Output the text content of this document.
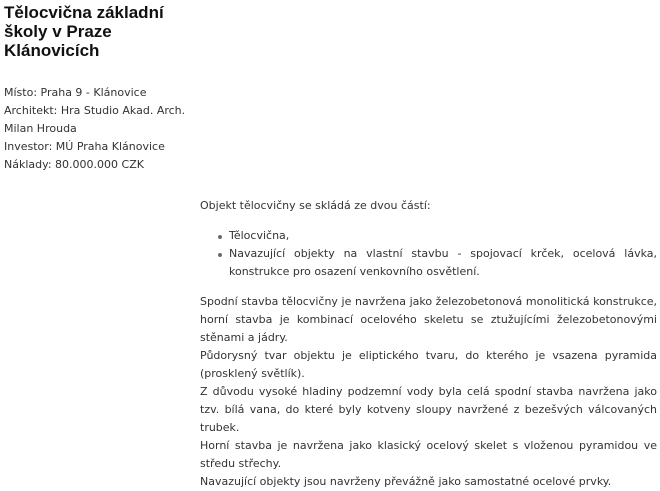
Tělocvična základní školy v Praze Klánovicích
Místo: Praha 9 - Klánovice
Architekt: Hra Studio Akad. Arch. Milan Hrouda
Investor: MÚ Praha Klánovice
Náklady: 80.000.000 CZK

Objekt tělocvičny se skládá ze dvou částí:

Tělocvična,
Navazující objekty na vlastní stavbu - spojovací krček, ocelová lávka, konstrukce pro osazení venkovního osvětlení.
Spodní stavba tělocvičny je navržena jako železobetonová monolitická konstrukce, horní stavba je kombinací ocelového skeletu se ztužujícími železobetonovými stěnami a jádry.
Půdorysný tvar objektu je eliptického tvaru, do kterého je vsazena pyramida (prosklený světlík).
Z důvodu vysoké hladiny podzemní vody byla celá spodní stavba navržena jako tzv. bílá vana, do které byly kotveny sloupy navržené z bezešvých válcovaných trubek.
Horní stavba je navržena jako klasický ocelový skelet s vloženou pyramidou ve středu střechy.
Navazující objekty jsou navrženy převážně jako samostatné ocelové prvky.
